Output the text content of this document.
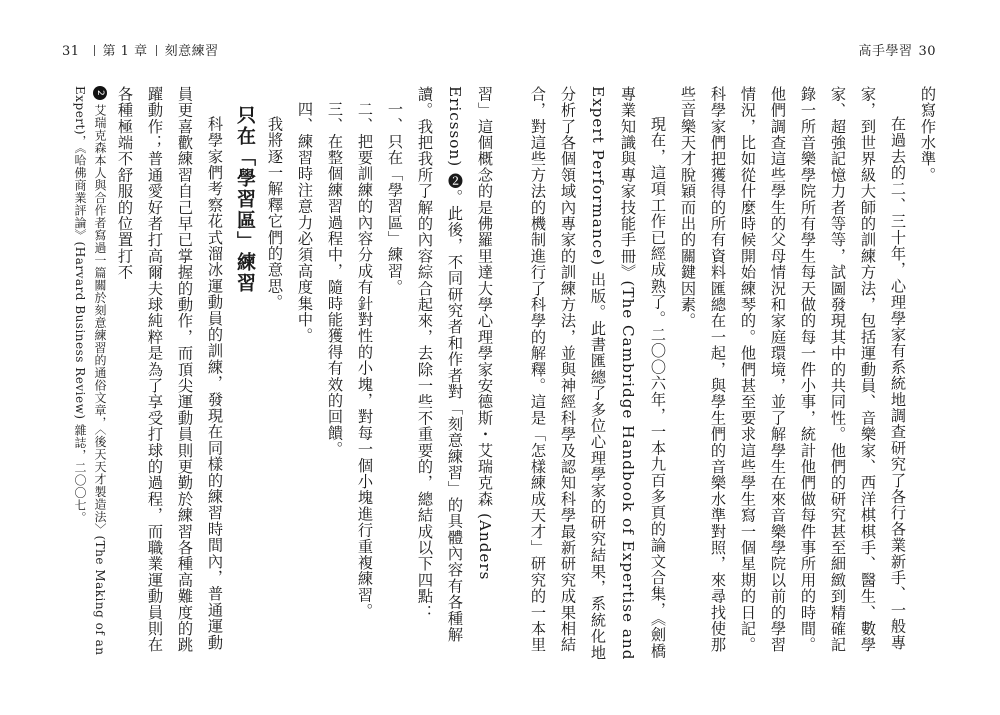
31 第 1 章 刻意練習	高手學習 30

的寫作水準。

在過去的二、三十年，心理學家有系統地調查研究了各行各業新手、一般專家，到世界級大師的訓練方法，包括運動員、音樂家、西洋棋棋手、醫生、數學家、超強記憶力者等等，試圖發現其中的共同性。他們的研究甚至細緻到精確記錄一所音樂學院所有學生每天做的每一件小事，統計他們做每件事所用的時間。他們調查這些學生的父母情況和家庭環境，並了解學生在來音樂學院以前的學習情況，比如從什麼時候開始練琴的。他們甚至要求這些學生寫一個星期的日記。科學家們把獲得的所有資料匯總在一起，與學生們的音樂水準對照，來尋找使那些音樂天才脫穎而出的關鍵因素。

現在，這項工作已經成熟了。二〇〇六年，一本九百多頁的論文合集，《劍橋專業知識與專家技能手冊》(The Cambridge Handbook of Expertise and Expert Performance) 出版。此書匯總了多位心理學家的研究結果，系統化地分析了各個領域內專家的訓練方法，並與神經科學及認知科學最新研究成果相結合，對這些方法的機制進行了科學的解釋。這是「怎樣練成天才」研究的一本里

習」這個概念的是佛羅里達大學心理學家安德斯・艾瑞克森 (Anders Ericsson) ❷。此後，不同研究者和作者對「刻意練習」的具體內容有各種解讀。我把我所了解的內容綜合起來，去除一些不重要的，總結成以下四點：

一、只在「學習區」練習。

二、把要訓練的內容分成有針對性的小塊，對每一個小塊進行重複練習。

三、在整個練習過程中，隨時能獲得有效的回饋。

四、練習時注意力必須高度集中。

我將逐一解釋它們的意思。

只在「學習區」練習

科學家們考察花式溜冰運動員的訓練，發現在同樣的練習時間內，普通運動員更喜歡練習自己早已掌握的動作，而頂尖運動員則更勤於練習各種高難度的跳躍動作；普通愛好者打高爾夫球純粹是為了享受打球的過程，而職業運動員則在各種極端不舒服的位置打不

2艾瑞克森本人與合作者寫過一篇關於刻意練習的通俗文章，〈後天天才製造法〉(The Making of an Expert)，《哈佛商業評論》(Harvard Business Review) 雜誌，二〇〇七。
